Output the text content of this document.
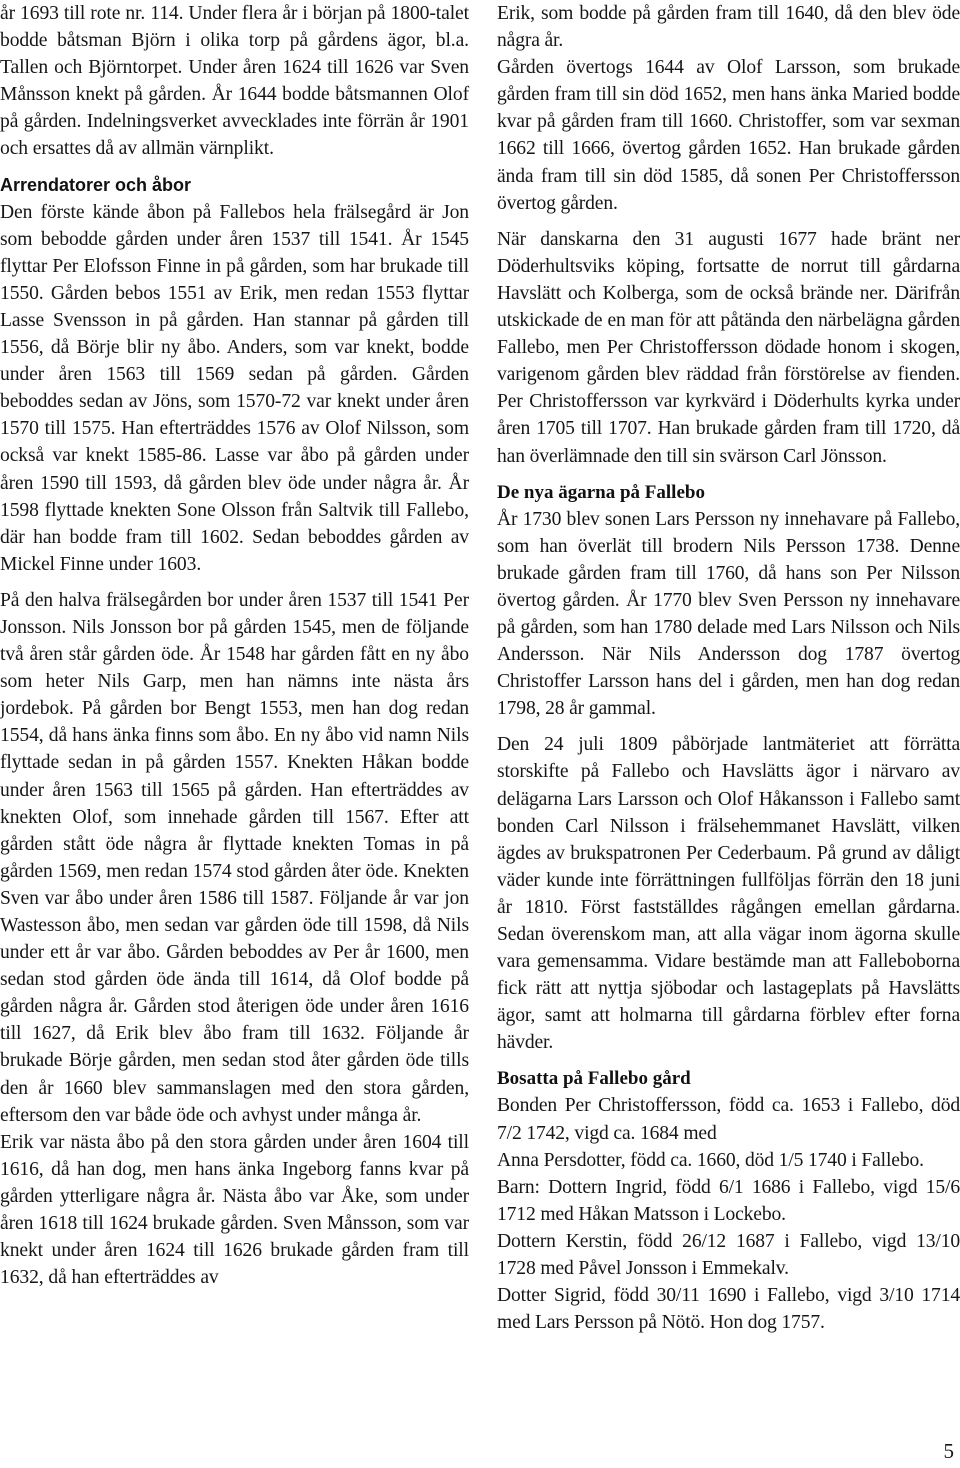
år 1693 till rote nr. 114. Under flera år i början på 1800-talet bodde båtsman Björn i olika torp på gårdens ägor, bl.a. Tallen och Björntorpet. Under åren 1624 till 1626 var Sven Månsson knekt på gården. År 1644 bodde båtsmannen Olof på gården. Indelningsverket avvecklades inte förrän år 1901 och ersattes då av allmän värnplikt.

Arrendatorer och åbor

Den förste kände åbon på Fallebos hela frälsegård är Jon som bebodde gården under åren 1537 till 1541. År 1545 flyttar Per Elofsson Finne in på gården, som har brukade till 1550. Gården bebos 1551 av Erik, men redan 1553 flyttar Lasse Svensson in på gården. Han stannar på gården till 1556, då Börje blir ny åbo. Anders, som var knekt, bodde under åren 1563 till 1569 sedan på gården. Gården beboddes sedan av Jöns, som 1570-72 var knekt under åren 1570 till 1575. Han efterträddes 1576 av Olof Nilsson, som också var knekt 1585-86. Lasse var åbo på gården under åren 1590 till 1593, då gården blev öde under några år. År 1598 flyttade knekten Sone Olsson från Saltvik till Fallebo, där han bodde fram till 1602. Sedan beboddes gården av Mickel Finne under 1603.

På den halva frälsegården bor under åren 1537 till 1541 Per Jonsson. Nils Jonsson bor på gården 1545, men de följande två åren står gården öde. År 1548 har gården fått en ny åbo som heter Nils Garp, men han nämns inte nästa års jordebok. På gården bor Bengt 1553, men han dog redan 1554, då hans änka finns som åbo. En ny åbo vid namn Nils flyttade sedan in på gården 1557. Knekten Håkan bodde under åren 1563 till 1565 på gården. Han efterträddes av knekten Olof, som innehade gården till 1567. Efter att gården stått öde några år flyttade knekten Tomas in på gården 1569, men redan 1574 stod gården åter öde. Knekten Sven var åbo under åren 1586 till 1587. Följande år var jon Wastesson åbo, men sedan var gården öde till 1598, då Nils under ett år var åbo. Gården beboddes av Per år 1600, men sedan stod gården öde ända till 1614, då Olof bodde på gården några år. Gården stod återigen öde under åren 1616 till 1627, då Erik blev åbo fram till 1632. Följande år brukade Börje gården, men sedan stod åter gården öde tills den år 1660 blev sammanslagen med den stora gården, eftersom den var både öde och avhyst under många år.

Erik var nästa åbo på den stora gården under åren 1604 till 1616, då han dog, men hans änka Ingeborg fanns kvar på gården ytterligare några år. Nästa åbo var Åke, som under åren 1618 till 1624 brukade gården. Sven Månsson, som var knekt under åren 1624 till 1626 brukade gården fram till 1632, då han efterträddes av

Erik, som bodde på gården fram till 1640, då den blev öde några år.

Gården övertogs 1644 av Olof Larsson, som brukade gården fram till sin död 1652, men hans änka Maried bodde kvar på gården fram till 1660. Christoffer, som var sexman 1662 till 1666, övertog gården 1652. Han brukade gården ända fram till sin död 1585, då sonen Per Christoffersson övertog gården.

När danskarna den 31 augusti 1677 hade bränt ner Döderhultsviks köping, fortsatte de norrut till gårdarna Havslätt och Kolberga, som de också brände ner. Därifrån utskickade de en man för att påtända den närbelägna gården Fallebo, men Per Christoffersson dödade honom i skogen, varigenom gården blev räddad från förstörelse av fienden. Per Christoffersson var kyrkvärd i Döderhults kyrka under åren 1705 till 1707. Han brukade gården fram till 1720, då han överlämnade den till sin svärson Carl Jönsson.

De nya ägarna på Fallebo

År 1730 blev sonen Lars Persson ny innehavare på Fallebo, som han överlät till brodern Nils Persson 1738. Denne brukade gården fram till 1760, då hans son Per Nilsson övertog gården. År 1770 blev Sven Persson ny innehavare på gården, som han 1780 delade med Lars Nilsson och Nils Andersson. När Nils Andersson dog 1787 övertog Christoffer Larsson hans del i gården, men han dog redan 1798, 28 år gammal.

Den 24 juli 1809 påbörjade lantmäteriet att förrätta storskifte på Fallebo och Havslätts ägor i närvaro av delägarna Lars Larsson och Olof Håkansson i Fallebo samt bonden Carl Nilsson i frälsehemmanet Havslätt, vilken ägdes av brukspatronen Per Cederbaum. På grund av dåligt väder kunde inte förrättningen fullföljas förrän den 18 juni år 1810. Först fastställdes rågången emellan gårdarna. Sedan överenskom man, att alla vägar inom ägorna skulle vara gemensamma. Vidare bestämde man att Falleboborna fick rätt att nyttja sjöbodar och lastageplats på Havslätts ägor, samt att holmarna till gårdarna förblev efter forna hävder.

Bosatta på Fallebo gård

Bonden Per Christoffersson, född ca. 1653 i Fallebo, död 7/2 1742, vigd ca. 1684 med

Anna Persdotter, född ca. 1660, död 1/5 1740 i Fallebo.

Barn: Dottern Ingrid, född 6/1 1686 i Fallebo, vigd 15/6 1712 med Håkan Matsson i Lockebo.

Dottern Kerstin, född 26/12 1687 i Fallebo, vigd 13/10 1728 med Påvel Jonsson i Emmekalv.

Dotter Sigrid, född 30/11 1690 i Fallebo, vigd 3/10 1714 med Lars Persson på Nötö. Hon dog 1757.

5
